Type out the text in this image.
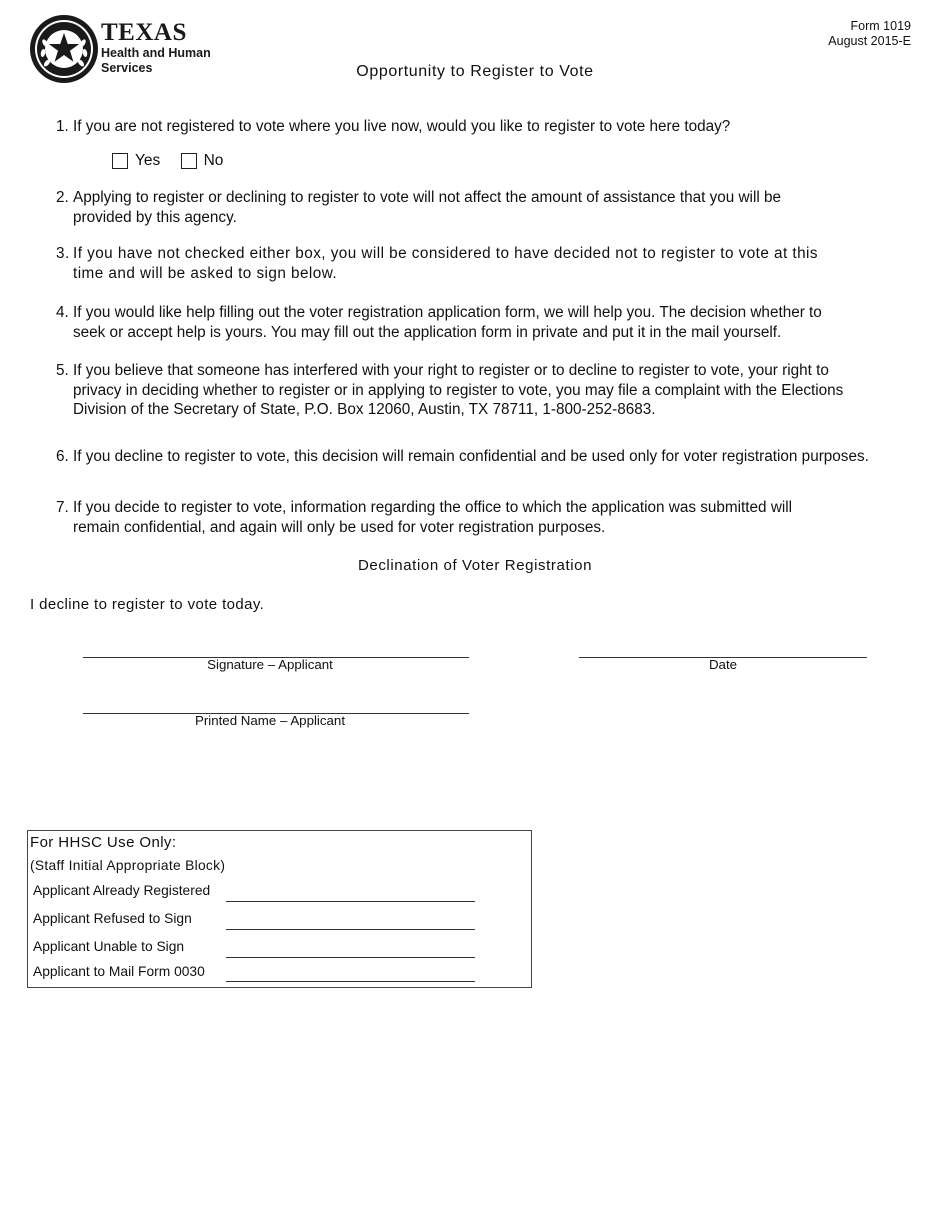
TEXAS
Health and Human
Services
Form 1019
August 2015-E
Opportunity to Register to Vote
1. If you are not registered to vote where you live now, would you like to register to vote here today?
Yes
	No
2. Applying to register or declining to register to vote will not affect the amount of assistance that you will be
provided by this agency.
3. If you have not checked either box, you will be considered to have decided not to register to vote at this
time and will be asked to sign below.
4. If you would like help filling out the voter registration application form, we will help you. The decision whether to
seek or accept help is yours. You may fill out the application form in private and put it in the mail yourself.
5. If you believe that someone has interfered with your right to register or to decline to register to vote, your right to
privacy in deciding whether to register or in applying to register to vote, you may file a complaint with the Elections
Division of the Secretary of State, P.O. Box 12060, Austin, TX 78711, 1-800-252-8683.
6. If you decline to register to vote, this decision will remain confidential and be used only for voter registration purposes.
7. If you decide to register to vote, information regarding the office to which the application was submitted will
remain confidential, and again will only be used for voter registration purposes.
Declination of Voter Registration
I decline to register to vote today.
Signature – Applicant	Date
Printed Name – Applicant
For HHSC Use Only:
(Staff Initial Appropriate Block)
Applicant Already Registered
Applicant Refused to Sign
Applicant Unable to Sign
Applicant to Mail Form 0030
